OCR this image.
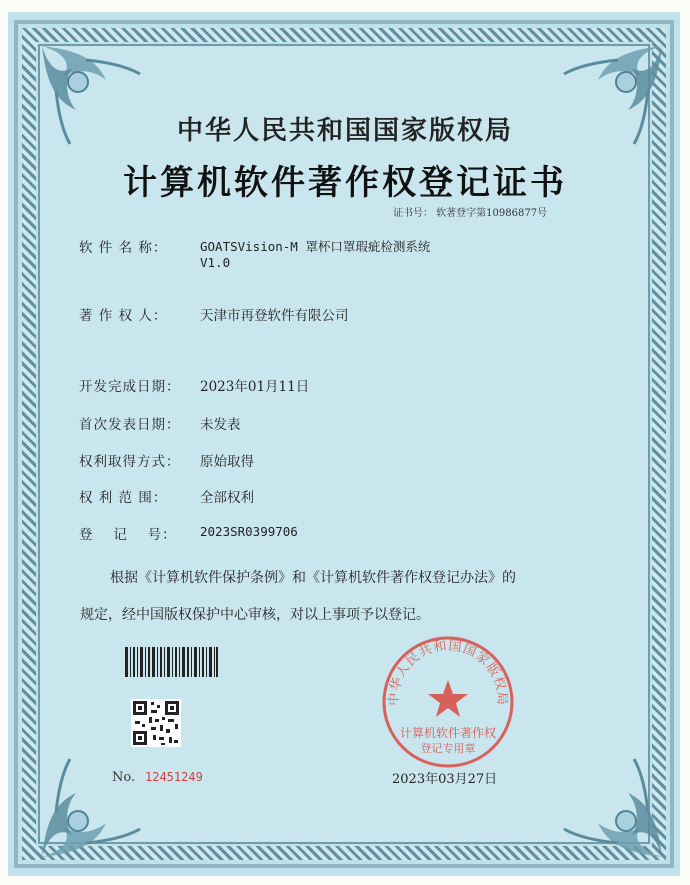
中华人民共和国国家版权局
计算机软件著作权登记证书
证书号： 软著登字第10986877号
软 件 名 称：	GOATSVision-M 罩杯口罩瑕疵检测系统
V1.0
著 作 权 人： 天津市再登软件有限公司
开发完成日期： 2023年01月11日
首次发表日期： 未发表
权利取得方式： 原始取得
权 利 范 围： 全部权利
登　 记　 号： 2023SR0399706
根据《计算机软件保护条例》和《计算机软件著作权登记办法》的
规定，经中国版权保护中心审核，对以上事项予以登记。
No. 12451249	2023年03月27日
中华人民共和国国家版权局
计算机软件著作权
登记专用章
